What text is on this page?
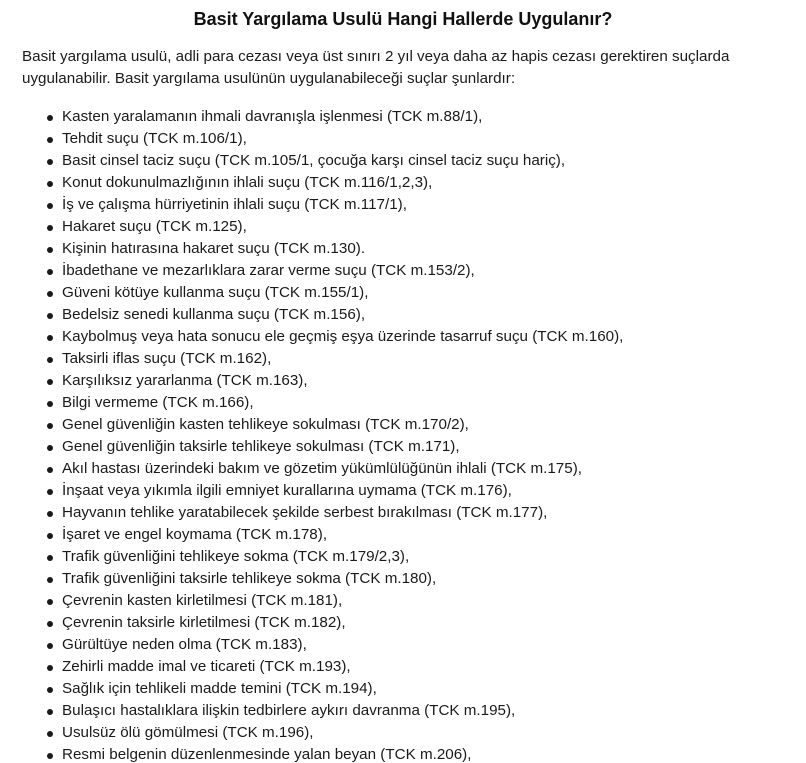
Basit Yargılama Usulü Hangi Hallerde Uygulanır?

Basit yargılama usulü, adli para cezası veya üst sınırı 2 yıl veya daha az hapis cezası gerektiren suçlarda uygulanabilir. Basit yargılama usulünün uygulanabileceği suçlar şunlardır:

Kasten yaralamanın ihmali davranışla işlenmesi (TCK m.88/1),
Tehdit suçu (TCK m.106/1),
Basit cinsel taciz suçu (TCK m.105/1, çocuğa karşı cinsel taciz suçu hariç),
Konut dokunulmazlığının ihlali suçu (TCK m.116/1,2,3),
İş ve çalışma hürriyetinin ihlali suçu (TCK m.117/1),
Hakaret suçu (TCK m.125),
Kişinin hatırasına hakaret suçu (TCK m.130).
İbadethane ve mezarlıklara zarar verme suçu (TCK m.153/2),
Güveni kötüye kullanma suçu (TCK m.155/1),
Bedelsiz senedi kullanma suçu (TCK m.156),
Kaybolmuş veya hata sonucu ele geçmiş eşya üzerinde tasarruf suçu (TCK m.160),
Taksirli iflas suçu (TCK m.162),
Karşılıksız yararlanma (TCK m.163),
Bilgi vermeme (TCK m.166),
Genel güvenliğin kasten tehlikeye sokulması (TCK m.170/2),
Genel güvenliğin taksirle tehlikeye sokulması (TCK m.171),
Akıl hastası üzerindeki bakım ve gözetim yükümlülüğünün ihlali (TCK m.175),
İnşaat veya yıkımla ilgili emniyet kurallarına uymama (TCK m.176),
Hayvanın tehlike yaratabilecek şekilde serbest bırakılması (TCK m.177),
İşaret ve engel koymama (TCK m.178),
Trafik güvenliğini tehlikeye sokma (TCK m.179/2,3),
Trafik güvenliğini taksirle tehlikeye sokma (TCK m.180),
Çevrenin kasten kirletilmesi (TCK m.181),
Çevrenin taksirle kirletilmesi (TCK m.182),
Gürültüye neden olma (TCK m.183),
Zehirli madde imal ve ticareti (TCK m.193),
Sağlık için tehlikeli madde temini (TCK m.194),
Bulaşıcı hastalıklara ilişkin tedbirlere aykırı davranma (TCK m.195),
Usulsüz ölü gömülmesi (TCK m.196),
Resmi belgenin düzenlenmesinde yalan beyan (TCK m.206),
